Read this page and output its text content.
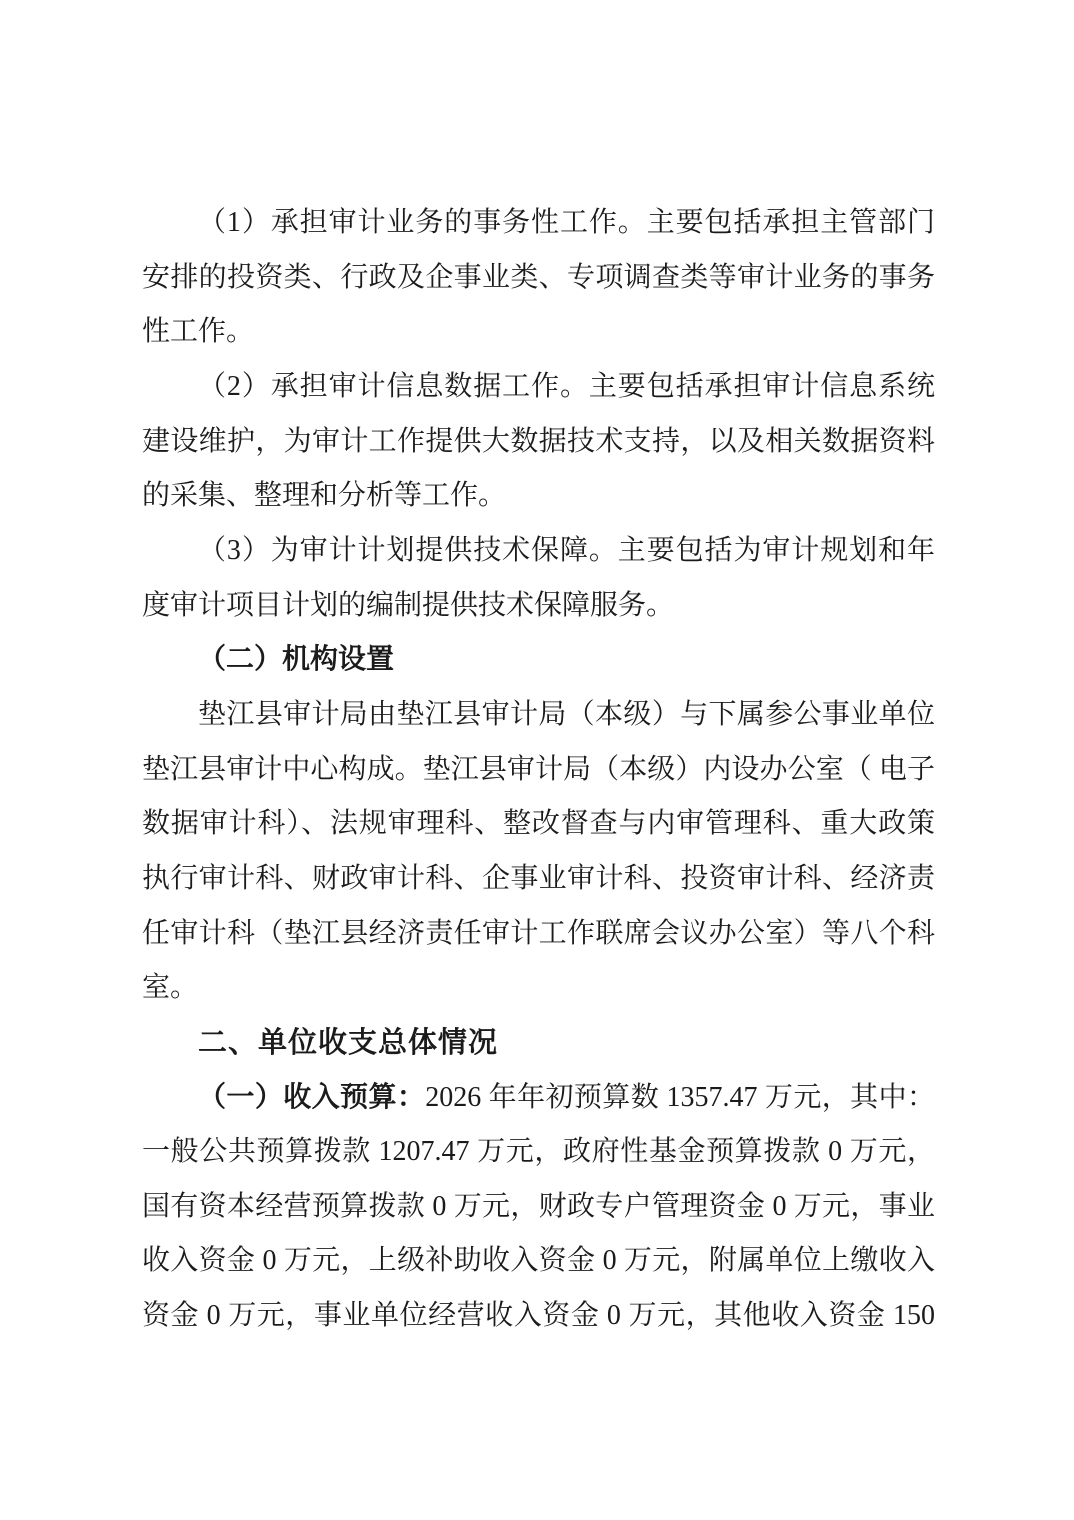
（1）承担审计业务的事务性工作。主要包括承担主管部门安排的投资类、行政及企事业类、专项调查类等审计业务的事务性工作。

（2）承担审计信息数据工作。主要包括承担审计信息系统建设维护，为审计工作提供大数据技术支持，以及相关数据资料的采集、整理和分析等工作。

（3）为审计计划提供技术保障。主要包括为审计规划和年度审计项目计划的编制提供技术保障服务。

（二）机构设置

垫江县审计局由垫江县审计局（本级）与下属参公事业单位垫江县审计中心构成。垫江县审计局（本级）内设办公室（ 电子数据审计科）、法规审理科、整改督查与内审管理科、重大政策执行审计科、财政审计科、企事业审计科、投资审计科、经济责任审计科（垫江县经济责任审计工作联席会议办公室）等八个科室。

二、单位收支总体情况

（一）收入预算：2026 年年初预算数 1357.47 万元，其中：一般公共预算拨款 1207.47 万元，政府性基金预算拨款 0 万元，国有资本经营预算拨款 0 万元，财政专户管理资金 0 万元，事业收入资金 0 万元，上级补助收入资金 0 万元，附属单位上缴收入资金 0 万元，事业单位经营收入资金 0 万元，其他收入资金 150
